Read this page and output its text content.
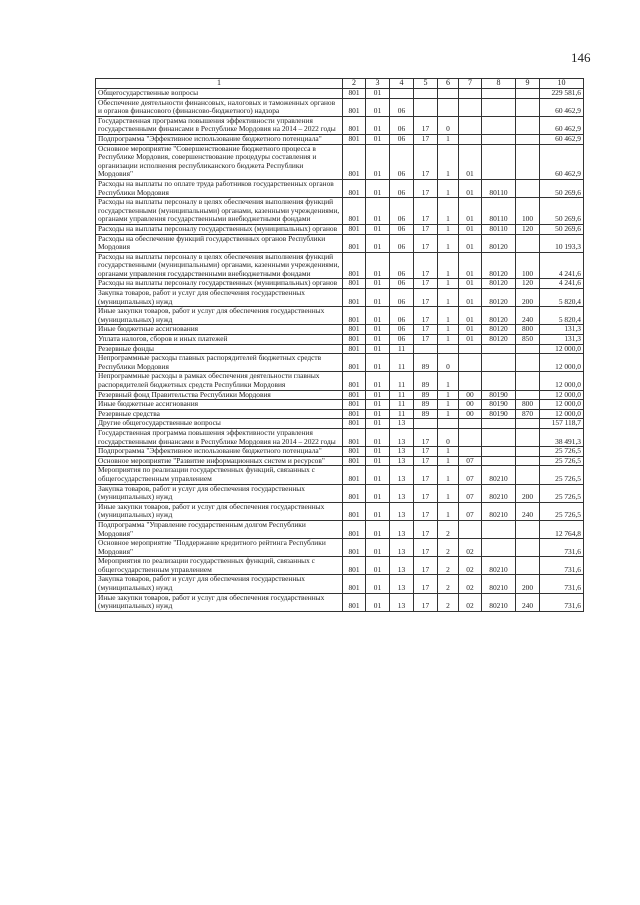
146
1	2	3	4	5	6	7	8	9	10
Общегосударственные вопросы	801	01							229 581,6
Обеспечение деятельности финансовых, налоговых и таможенных органов и органов финансового (финансово-бюджетного) надзора	801	01	06						60 462,9
Государственная программа повышения эффективности управления государственными финансами в Республике Мордовия на 2014 – 2022 годы	801	01	06	17	0				60 462,9
Подпрограмма "Эффективное использование бюджетного потенциала"	801	01	06	17	1				60 462,9
Основное мероприятие "Совершенствование бюджетного процесса в Республике Мордовия, совершенствование процедуры составления и организации исполнения республиканского бюджета Республики Мордовия"	801	01	06	17	1	01			60 462,9
Расходы на выплаты по оплате труда работников государственных органов Республики Мордовия	801	01	06	17	1	01	80110		50 269,6
Расходы на выплаты персоналу в целях обеспечения выполнения функций государственными (муниципальными) органами, казенными учреждениями, органами управления государственными внебюджетными фондами	801	01	06	17	1	01	80110	100	50 269,6
Расходы на выплаты персоналу государственных (муниципальных) органов	801	01	06	17	1	01	80110	120	50 269,6
Расходы на обеспечение функций государственных органов Республики Мордовия	801	01	06	17	1	01	80120		10 193,3
Расходы на выплаты персоналу в целях обеспечения выполнения функций государственными (муниципальными) органами, казенными учреждениями, органами управления государственными внебюджетными фондами	801	01	06	17	1	01	80120	100	4 241,6
Расходы на выплаты персоналу государственных (муниципальных) органов	801	01	06	17	1	01	80120	120	4 241,6
Закупка товаров, работ и услуг для обеспечения государственных (муниципальных) нужд	801	01	06	17	1	01	80120	200	5 820,4
Иные закупки товаров, работ и услуг для обеспечения государственных (муниципальных) нужд	801	01	06	17	1	01	80120	240	5 820,4
Иные бюджетные ассигнования	801	01	06	17	1	01	80120	800	131,3
Уплата налогов, сборов и иных платежей	801	01	06	17	1	01	80120	850	131,3
Резервные фонды	801	01	11						12 000,0
Непрограммные расходы главных распорядителей бюджетных средств Республики Мордовия	801	01	11	89	0				12 000,0
Непрограммные расходы в рамках обеспечения деятельности главных распорядителей бюджетных средств Республики Мордовия	801	01	11	89	1				12 000,0
Резервный фонд Правительства Республики Мордовия	801	01	11	89	1	00	80190		12 000,0
Иные бюджетные ассигнования	801	01	11	89	1	00	80190	800	12 000,0
Резервные средства	801	01	11	89	1	00	80190	870	12 000,0
Другие общегосударственные вопросы	801	01	13						157 118,7
Государственная программа повышения эффективности управления государственными финансами в Республике Мордовия на 2014 – 2022 годы	801	01	13	17	0				38 491,3
Подпрограмма "Эффективное использование бюджетного потенциала"	801	01	13	17	1				25 726,5
Основное мероприятие "Развитие информационных систем и ресурсов"	801	01	13	17	1	07			25 726,5
Мероприятия по реализации государственных функций, связанных с общегосударственным управлением	801	01	13	17	1	07	80210		25 726,5
Закупка товаров, работ и услуг для обеспечения государственных (муниципальных) нужд	801	01	13	17	1	07	80210	200	25 726,5
Иные закупки товаров, работ и услуг для обеспечения государственных (муниципальных) нужд	801	01	13	17	1	07	80210	240	25 726,5
Подпрограмма "Управление государственным долгом Республики Мордовия"	801	01	13	17	2				12 764,8
Основное мероприятие "Поддержание кредитного рейтинга Республики Мордовия"	801	01	13	17	2	02			731,6
Мероприятия по реализации государственных функций, связанных с общегосударственным управлением	801	01	13	17	2	02	80210		731,6
Закупка товаров, работ и услуг для обеспечения государственных (муниципальных) нужд	801	01	13	17	2	02	80210	200	731,6
Иные закупки товаров, работ и услуг для обеспечения государственных (муниципальных) нужд	801	01	13	17	2	02	80210	240	731,6
